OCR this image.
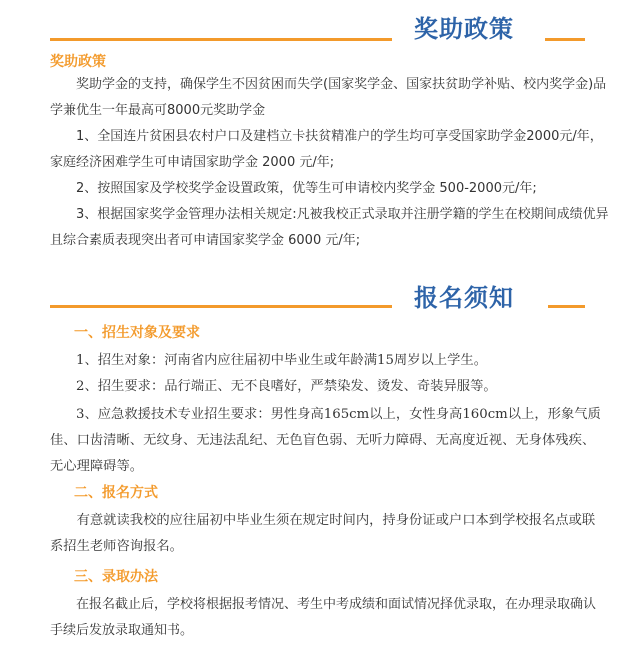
奖助政策
奖助政策
奖助学金的支持，确保学生不因贫困而失学(国家奖学金、国家扶贫助学补贴、校内奖学金)品学兼优生一年最高可8000元奖助学金
1、全国连片贫困县农村户口及建档立卡扶贫精准户的学生均可享受国家助学金2000元/年，家庭经济困难学生可申请国家助学金 2000 元/年;
2、按照国家及学校奖学金设置政策，优等生可申请校内奖学金 500-2000元/年;
3、根据国家奖学金管理办法相关规定:凡被我校正式录取并注册学籍的学生在校期间成绩优异且综合素质表现突出者可申请国家奖学金 6000 元/年;
报名须知
一、招生对象及要求
1、招生对象：河南省内应往届初中毕业生或年龄满15周岁以上学生。
2、招生要求：品行端正、无不良嗜好，严禁染发、烫发、奇装异服等。
3、应急救援技术专业招生要求：男性身高165cm以上，女性身高160cm以上，形象气质佳、口齿清晰、无纹身、无违法乱纪、无色盲色弱、无听力障碍、无高度近视、无身体残疾、无心理障碍等。
二、报名方式
有意就读我校的应往届初中毕业生须在规定时间内，持身份证或户口本到学校报名点或联系招生老师咨询报名。
三、录取办法
在报名截止后，学校将根据报考情况、考生中考成绩和面试情况择优录取，在办理录取确认手续后发放录取通知书。
